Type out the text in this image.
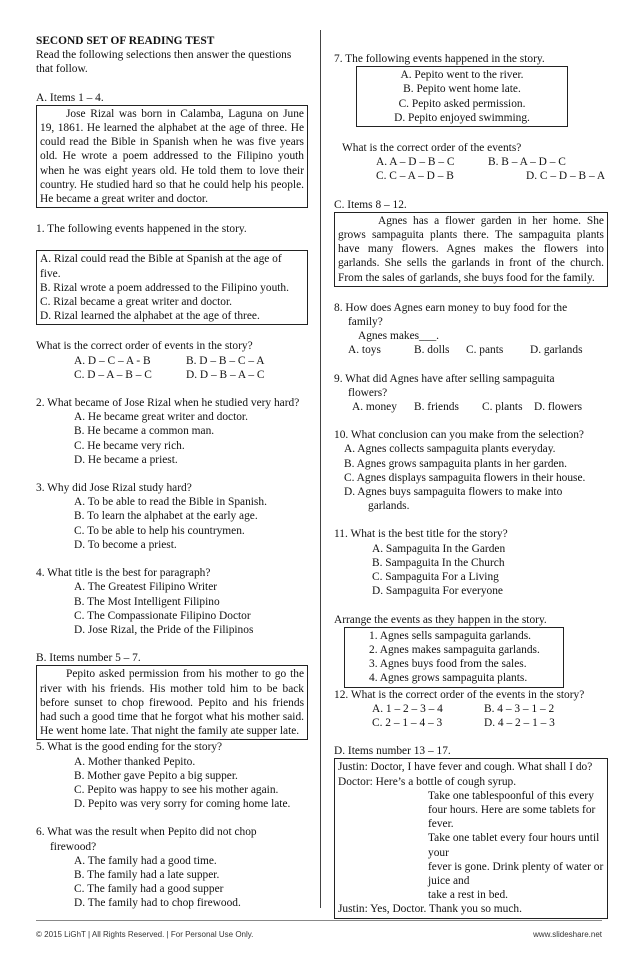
SECOND SET OF READING TEST
Read the following selections then answer the questions that follow.
A. Items 1 – 4.
Jose Rizal was born in Calamba, Laguna on June 19, 1861. He learned the alphabet at the age of three. He could read the Bible in Spanish when he was five years old. He wrote a poem addressed to the Filipino youth when he was eight years old. He told them to love their country. He studied hard so that he could help his people. He became a great writer and doctor.
1. The following events happened in the story.
A. Rizal could read the Bible at Spanish at the age of five.
B. Rizal wrote a poem addressed to the Filipino youth.
C. Rizal became a great writer and doctor.
D. Rizal learned the alphabet at the age of three.
What is the correct order of events in the story?
A. D – C – A - B	B. D – B – C – A
C. D – A – B – C	D. D – B – A – C
2. What became of Jose Rizal when he studied very hard?
A. He became great writer and doctor.
B. He became a common man.
C. He became very rich.
D. He became a priest.
3. Why did Jose Rizal study hard?
A. To be able to read the Bible in Spanish.
B. To learn the alphabet at the early age.
C. To be able to help his countrymen.
D. To become a priest.
4. What title is the best for paragraph?
A. The Greatest Filipino Writer
B. The Most Intelligent Filipino
C. The Compassionate Filipino Doctor
D. Jose Rizal, the Pride of the Filipinos
B. Items number 5 – 7.
Pepito asked permission from his mother to go the river with his friends. His mother told him to be back before sunset to chop firewood. Pepito and his friends had such a good time that he forgot what his mother said. He went home late. That night the family ate supper late.
5. What is the good ending for the story?
A. Mother thanked Pepito.
B. Mother gave Pepito a big supper.
C. Pepito was happy to see his mother again.
D. Pepito was very sorry for coming home late.
6. What was the result when Pepito did not chop
firewood?
A. The family had a good time.
B. The family had a late supper.
C. The family had a good supper
D. The family had to chop firewood.
7. The following events happened in the story.
A. Pepito went to the river.
B. Pepito went home late.
C. Pepito asked permission.
D. Pepito enjoyed swimming.
What is the correct order of the events?
A. A – D – B – C	B. B – A – D – C
C. C – A – D – B	D. C – D – B – A
C. Items 8 – 12.
Agnes has a flower garden in her home. She grows sampaguita plants there. The sampaguita plants have many flowers. Agnes makes the flowers into garlands. She sells the garlands in front of the church. From the sales of garlands, she buys food for the family.
8. How does Agnes earn money to buy food for the
family?
Agnes makes___.
A. toys	B. dolls	C. pants	D. garlands
9. What did Agnes have after selling sampaguita
flowers?
A. money	B. friends	C. plants	D. flowers
10. What conclusion can you make from the selection?
A. Agnes collects sampaguita plants everyday.
B. Agnes grows sampaguita plants in her garden.
C. Agnes displays sampaguita flowers in their house.
D. Agnes buys sampaguita flowers to make into
garlands.
11. What is the best title for the story?
A. Sampaguita In the Garden
B. Sampaguita In the Church
C. Sampaguita For a Living
D. Sampaguita For everyone
Arrange the events as they happen in the story.
1. Agnes sells sampaguita garlands.
2. Agnes makes sampaguita garlands.
3. Agnes buys food from the sales.
4. Agnes grows sampaguita plants.
12. What is the correct order of the events in the story?
A. 1 – 2 – 3 – 4	B. 4 – 3 – 1 – 2
C. 2 – 1 – 4 – 3	D. 4 – 2 – 1 – 3
D. Items number 13 – 17.
Justin: Doctor, I have fever and cough. What shall I do?
Doctor: Here’s a bottle of cough syrup.
Take one tablespoonful of this every
four hours. Here are some tablets for fever.
Take one tablet every four hours until your
fever is gone. Drink plenty of water or juice and
take a rest in bed.
Justin: Yes, Doctor. Thank you so much.
© 2015 LiGhT | All Rights Reserved. | For Personal Use Only.	www.slideshare.net
